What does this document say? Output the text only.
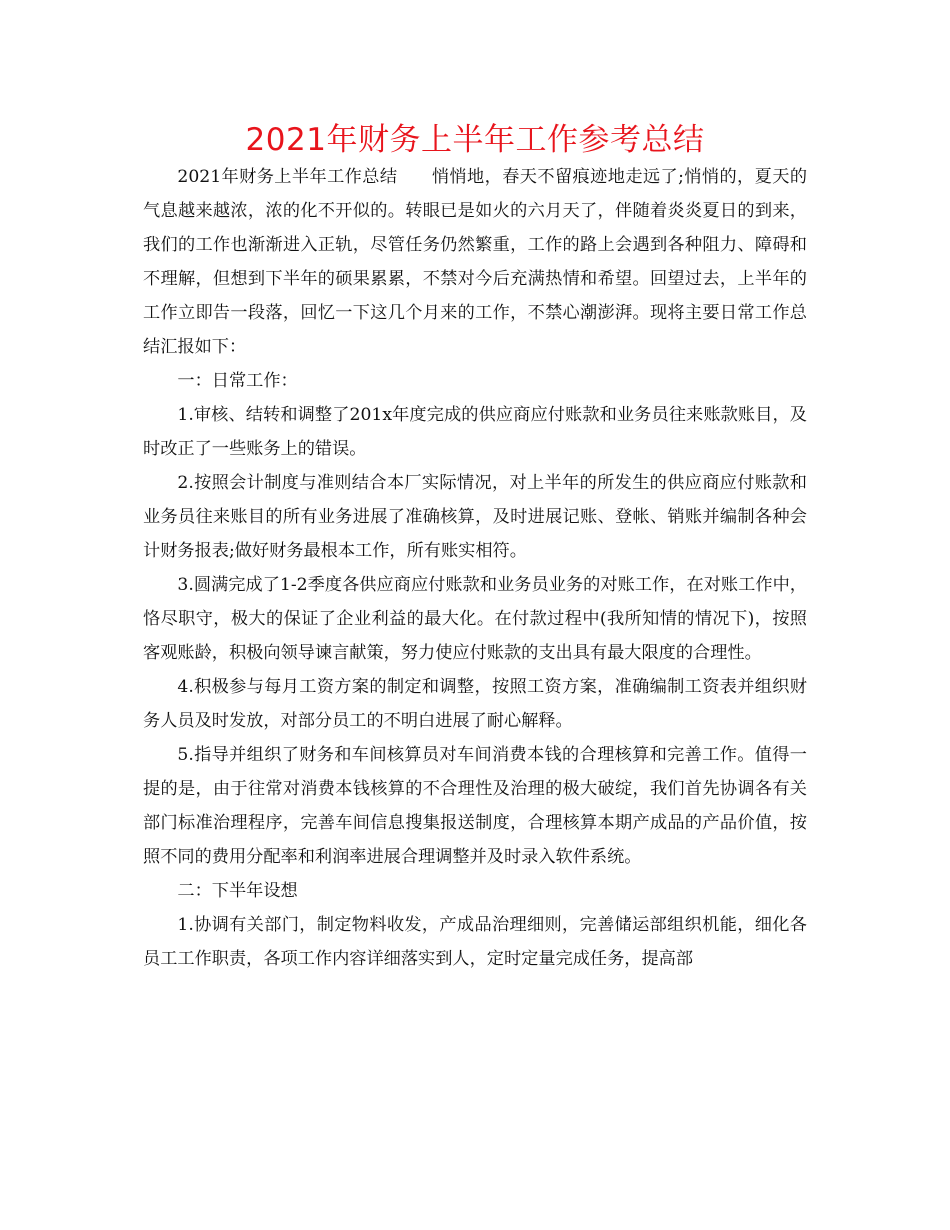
2021年财务上半年工作参考总结

2021年财务上半年工作总结 悄悄地，春天不留痕迹地走远了;悄悄的，夏天的气息越来越浓，浓的化不开似的。转眼已是如火的六月天了，伴随着炎炎夏日的到来，我们的工作也渐渐进入正轨，尽管任务仍然繁重，工作的路上会遇到各种阻力、障碍和不理解，但想到下半年的硕果累累，不禁对今后充满热情和希望。回望过去，上半年的工作立即告一段落，回忆一下这几个月来的工作，不禁心潮澎湃。现将主要日常工作总结汇报如下：

一：日常工作：

1.审核、结转和调整了201x年度完成的供应商应付账款和业务员往来账款账目，及时改正了一些账务上的错误。

2.按照会计制度与准则结合本厂实际情况，对上半年的所发生的供应商应付账款和业务员往来账目的所有业务进展了准确核算，及时进展记账、登帐、销账并编制各种会计财务报表;做好财务最根本工作，所有账实相符。

3.圆满完成了1-2季度各供应商应付账款和业务员业务的对账工作，在对账工作中，恪尽职守，极大的保证了企业利益的最大化。在付款过程中(我所知情的情况下)，按照客观账龄，积极向领导谏言献策，努力使应付账款的支出具有最大限度的合理性。

4.积极参与每月工资方案的制定和调整，按照工资方案，准确编制工资表并组织财务人员及时发放，对部分员工的不明白进展了耐心解释。

5.指导并组织了财务和车间核算员对车间消费本钱的合理核算和完善工作。值得一提的是，由于往常对消费本钱核算的不合理性及治理的极大破绽，我们首先协调各有关部门标准治理程序，完善车间信息搜集报送制度，合理核算本期产成品的产品价值，按照不同的费用分配率和利润率进展合理调整并及时录入软件系统。

二：下半年设想

1.协调有关部门，制定物料收发，产成品治理细则，完善储运部组织机能，细化各员工工作职责，各项工作内容详细落实到人，定时定量完成任务，提高部
